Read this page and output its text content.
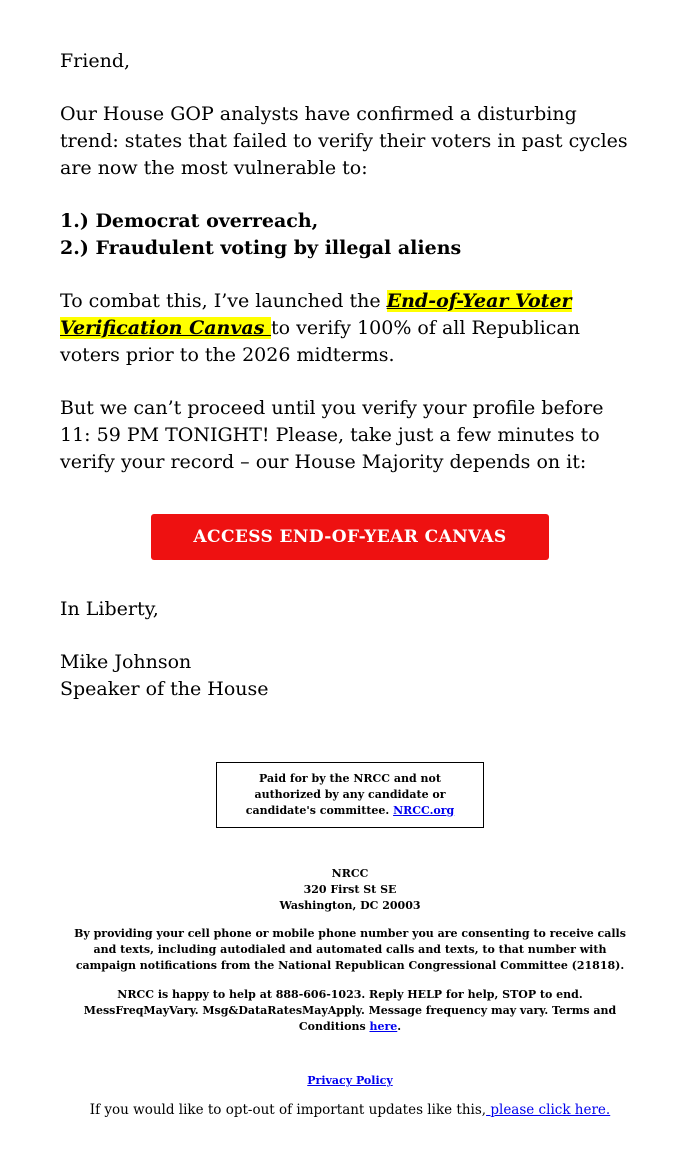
Friend,

Our House GOP analysts have confirmed a disturbing trend: states that failed to verify their voters in past cycles are now the most vulnerable to:

1.) Democrat overreach,
2.) Fraudulent voting by illegal aliens

To combat this, I’ve launched the End-of-Year Voter Verification Canvas to verify 100% of all Republican voters prior to the 2026 midterms.

But we can’t proceed until you verify your profile before 11: 59 PM TONIGHT! Please, take just a few minutes to verify your record – our House Majority depends on it:

ACCESS END-OF-YEAR CANVAS

In Liberty,

Mike Johnson
Speaker of the House

Paid for by the NRCC and not authorized by any candidate or candidate's committee. NRCC.org
NRCC
320 First St SE
Washington, DC 20003
By providing your cell phone or mobile phone number you are consenting to receive calls and texts, including autodialed and automated calls and texts, to that number with campaign notifications from the National Republican Congressional Committee (21818).
NRCC is happy to help at 888-606-1023. Reply HELP for help, STOP to end. MessFreqMayVary. Msg&DataRatesMayApply. Message frequency may vary. Terms and Conditions here.
Privacy Policy
If you would like to opt-out of important updates like this, please click here.
